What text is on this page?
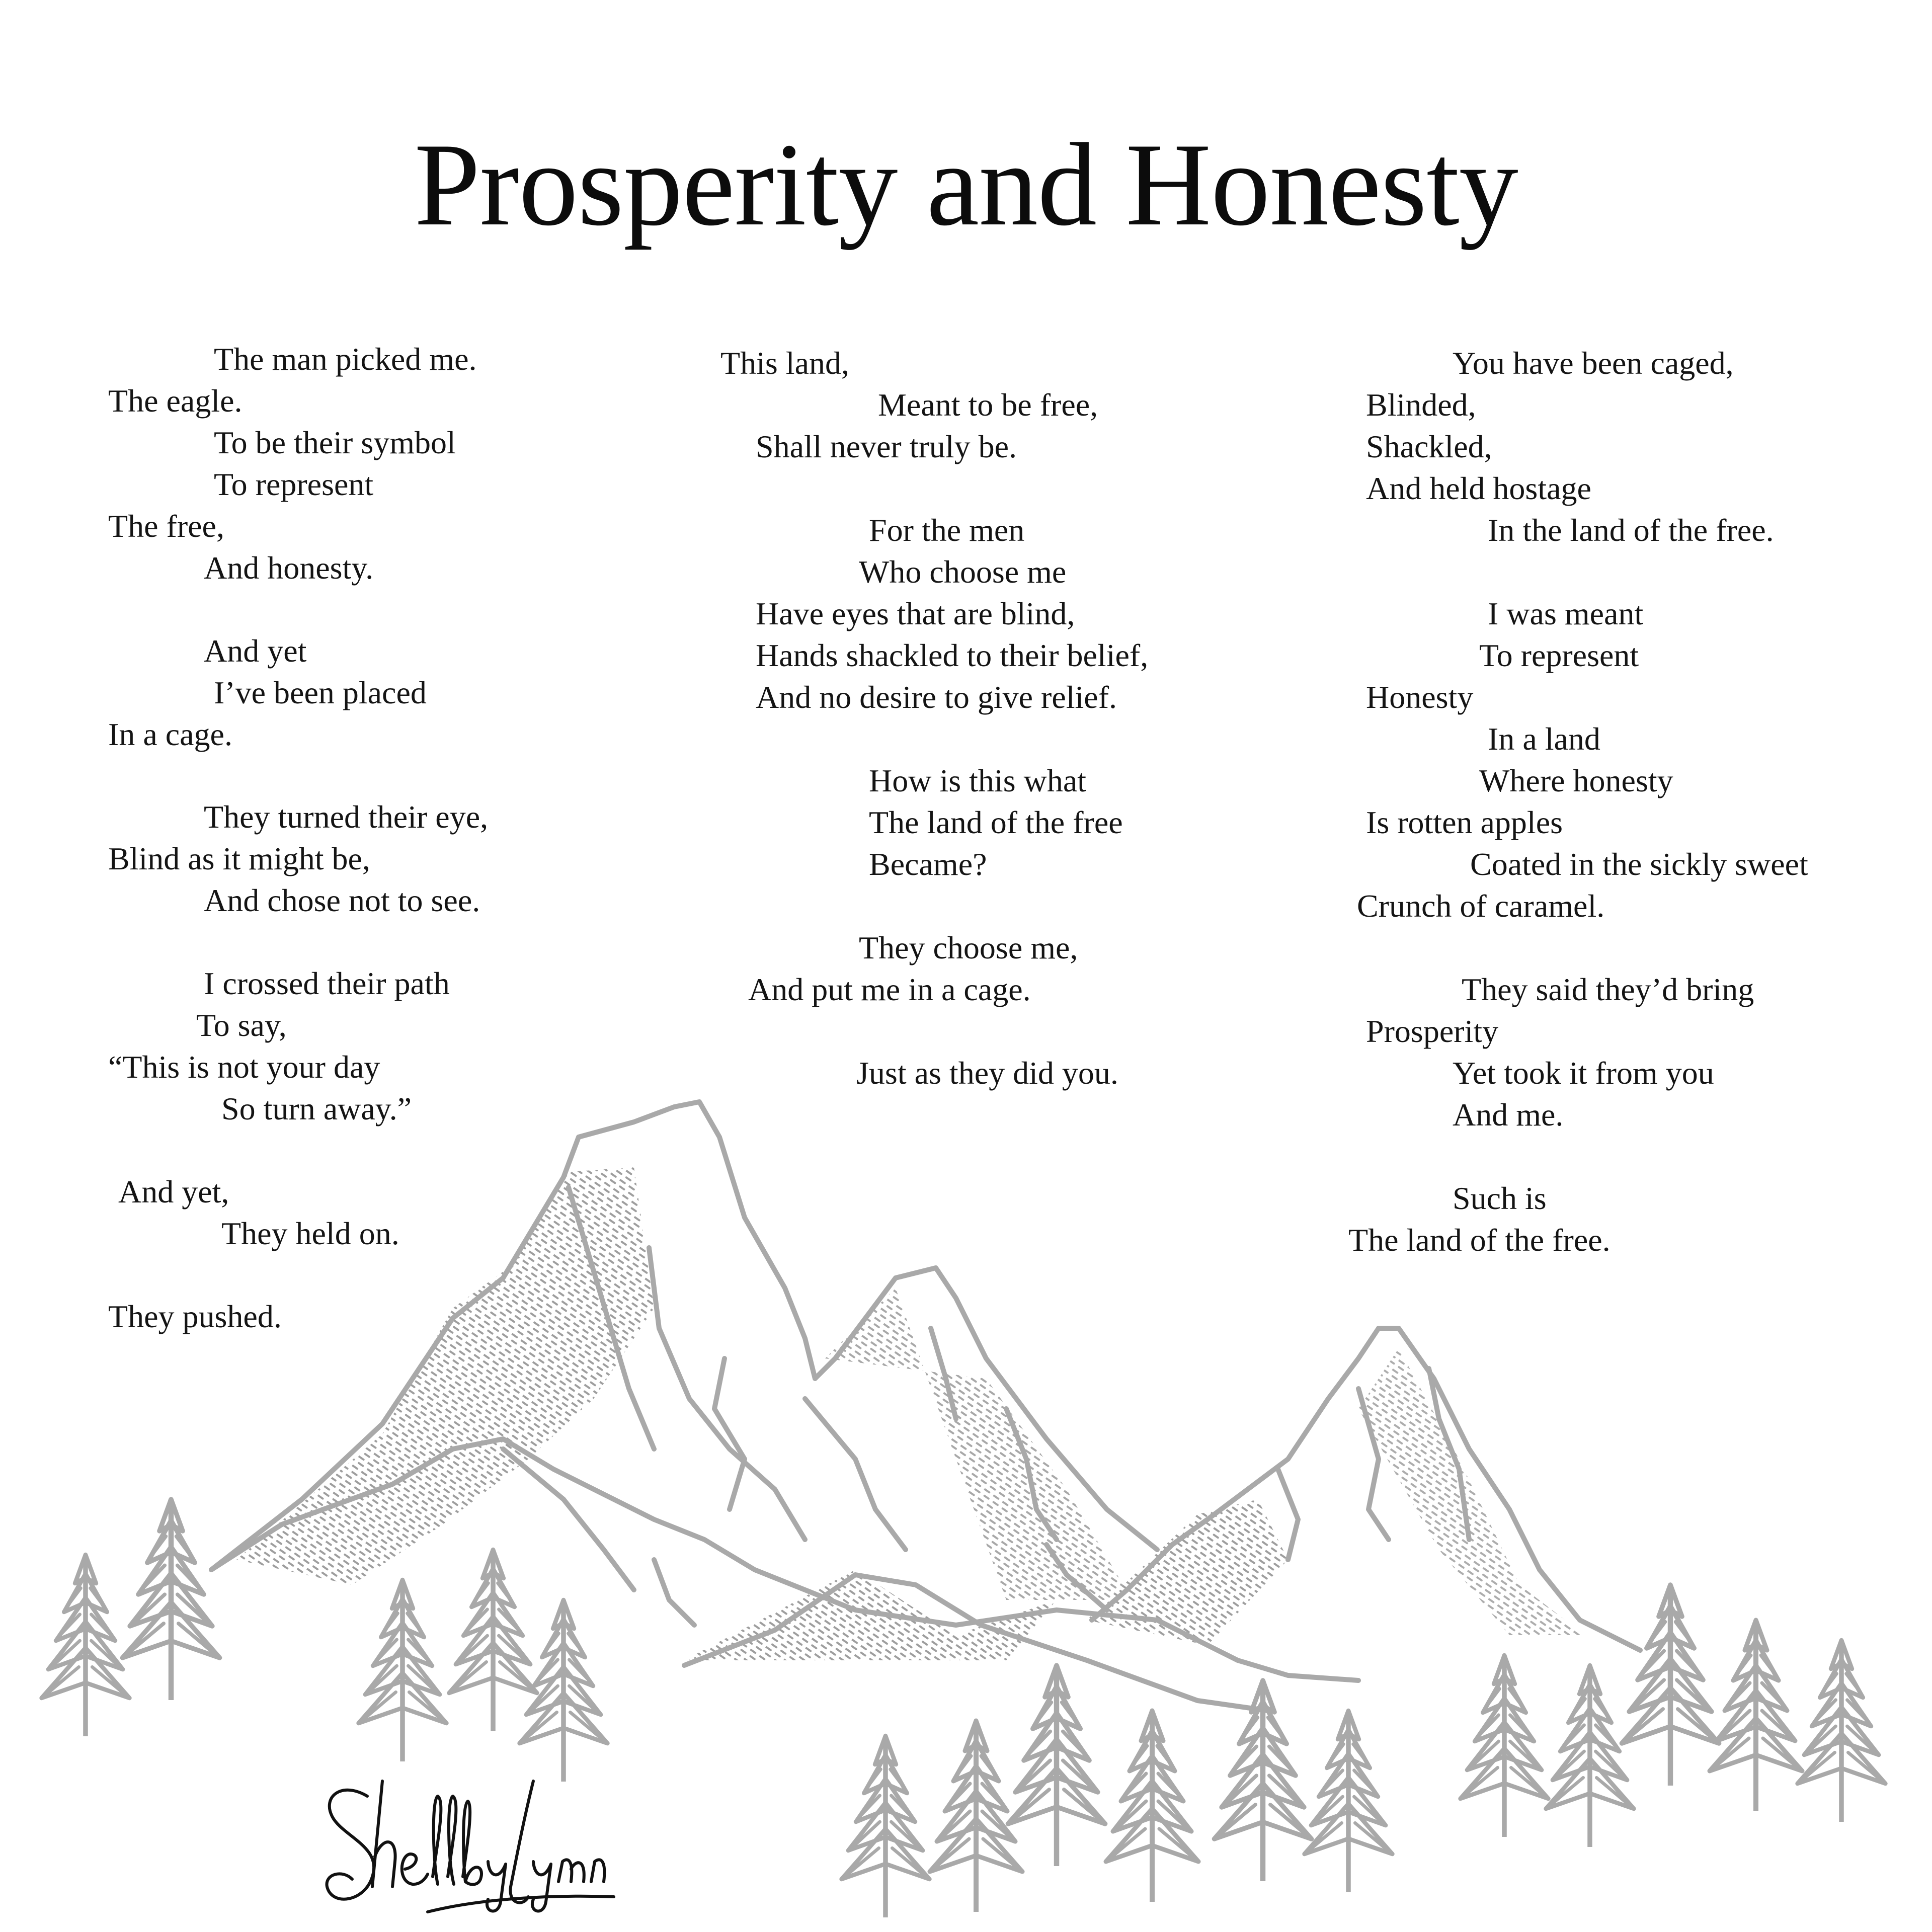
Prosperity and Honesty
The man picked me.
The eagle.
To be their symbol
To represent
The free,
And honesty.
And yet
I’ve been placed
In a cage.
They turned their eye,
Blind as it might be,
And chose not to see.
I crossed their path
To say,
“This is not your day
So turn away.”
And yet,
They held on.
They pushed.
This land,
Meant to be free,
Shall never truly be.
For the men
Who choose me
Have eyes that are blind,
Hands shackled to their belief,
And no desire to give relief.
How is this what
The land of the free
Became?
They choose me,
And put me in a cage.
Just as they did you.
You have been caged,
Blinded,
Shackled,
And held hostage
In the land of the free.
I was meant
To represent
Honesty
In a land
Where honesty
Is rotten apples
Coated in the sickly sweet
Crunch of caramel.
They said they’d bring
Prosperity
Yet took it from you
And me.
Such is
The land of the free.
